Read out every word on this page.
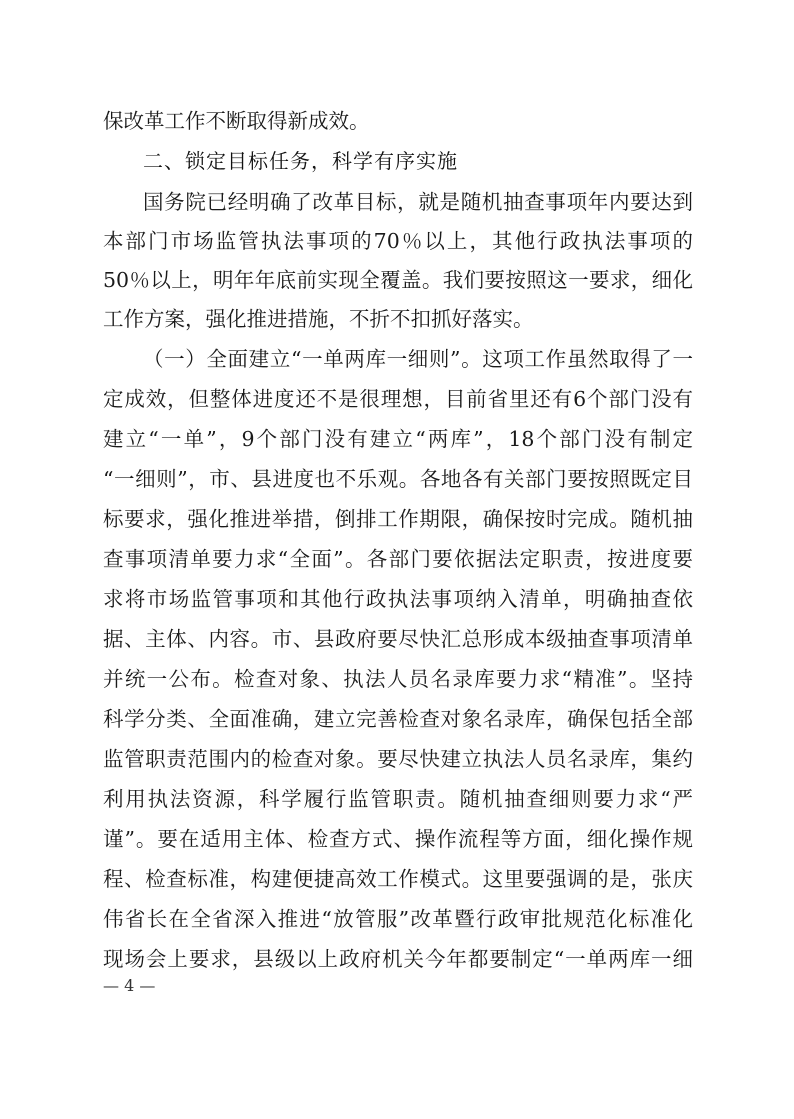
保改革工作不断取得新成效。
二、锁定目标任务，科学有序实施
国务院已经明确了改革目标，就是随机抽查事项年内要达到
本部门市场监管执法事项的70％以上，其他行政执法事项的
50％以上，明年年底前实现全覆盖。我们要按照这一要求，细化
工作方案，强化推进措施，不折不扣抓好落实。
（一）全面建立“一单两库一细则”。这项工作虽然取得了一
定成效，但整体进度还不是很理想，目前省里还有6个部门没有
建立“一单”，9个部门没有建立“两库”，18个部门没有制定
“一细则”，市、县进度也不乐观。各地各有关部门要按照既定目
标要求，强化推进举措，倒排工作期限，确保按时完成。随机抽
查事项清单要力求“全面”。各部门要依据法定职责，按进度要
求将市场监管事项和其他行政执法事项纳入清单，明确抽查依
据、主体、内容。市、县政府要尽快汇总形成本级抽查事项清单
并统一公布。检查对象、执法人员名录库要力求“精准”。坚持
科学分类、全面准确，建立完善检查对象名录库，确保包括全部
监管职责范围内的检查对象。要尽快建立执法人员名录库，集约
利用执法资源，科学履行监管职责。随机抽查细则要力求“严
谨”。要在适用主体、检查方式、操作流程等方面，细化操作规
程、检查标准，构建便捷高效工作模式。这里要强调的是，张庆
伟省长在全省深入推进“放管服”改革暨行政审批规范化标准化
现场会上要求，县级以上政府机关今年都要制定“一单两库一细
— 4 —
